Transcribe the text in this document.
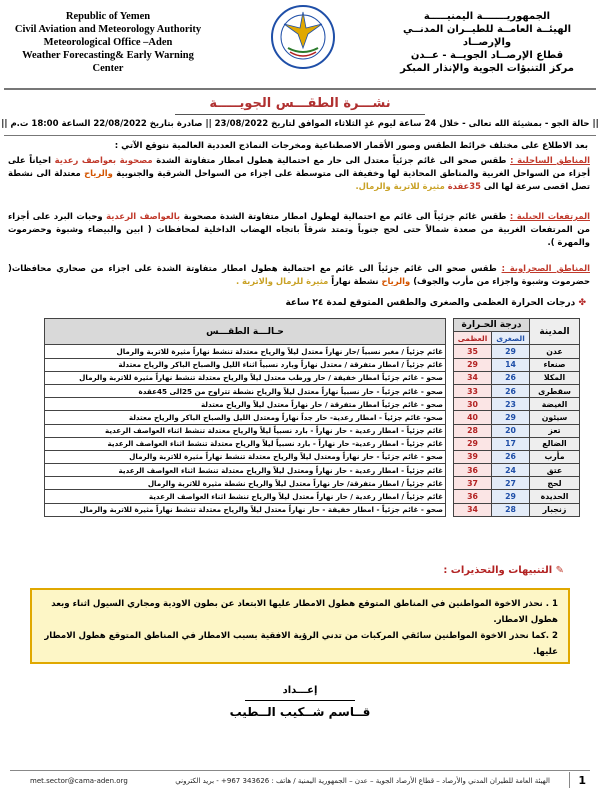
Republic of Yemen
Civil Aviation and Meteorology Authority
Meteorological Office –Aden
Weather Forecasting& Early Warning Center
الجمهوريـــــــة اليمنيـــــة
الهيئــة العامــة للطيــران المدنــي والإرصــاد
قطاع الإرصــاد الجويــة - عــدن
مركز التنبؤات الجوية والإنذار المبكر
نشـــرة الطقـــس الجويـــــة
|| حالة الجو - بمشيئة الله تعالى - خلال 24 ساعة ليوم غدٍ الثلاثاء الموافق لتاريخ 23/08/2022 || صادرة بتاريخ 22/08/2022 الساعة 18:00 ت.م ||
بعد الاطلاع على مختلف خرائط الطقس وصور الأقمار الاصطناعية ومخرجات النماذج العددية العالمية نتوقع الآتي :
المناطق الساحلية : طقس صحو الى غائم جزئياً معتدل الى حار مع احتمالية هطول امطار متفاوتة الشدة مصحوبة بعواصف رعدية احياناً على أجزاء من السواحل الغربية والمناطق المحاذية لها وخفيفة الى متوسطة على اجزاء من السواحل الشرقية والجنوبية والرياح معتدلة الى نشطة تصل اقصى سرعة لها الى 35عقدة مثيرة للاتربة والرمال.
المرتفعات الجبلية : طقس غائم جزئياً الى غائم مع احتمالية لهطول امطار متفاوتة الشدة مصحوبة بالعواصف الرعدية وحبات البرد على أجزاء من المرتفعات الغربية من صعدة شمالاً حتى لحج جنوباً وتمتد شرقاً باتجاه الهضاب الداخلية لمحافظات ( ابين والبيضاء وشبوة وحضرموت والمهرة ).
المناطق الصحراوية : طقس صحو الى غائم جزئياً الى غائم مع احتمالية هطول امطار متفاوتة الشدة على اجزاء من صحاري محافظات( حضرموت وشبوة واجزاء من مأرب والجوف) والرياح نشطة نهاراً مثيرة للرمال والاتربة .
✤ درجات الحرارة العظمى والصغرى والطقس المتوقع لمدة ٢٤ ساعة
المدينة	درجة الحـرارة			حـالـــة الطقـــس
	الصغرى	العظمى		
عدن	29	35		غائم جزئياً / مغبر نسبياً /حار نهاراً معتدل ليلاً والرياح معتدلة تنشط نهاراً مثيرة للاتربة والرمال
صنعاء	14	29		غائم جزئياً / امطار متفرقة / معتدل نهاراً وبارد نسبياً اثناء الليل والصباح الباكر والرياح معتدلة
المكلا	26	34		صحو - غائم جزئياً امطار خفيفة / حار ورطب معتدل ليلاً والرياح معتدلة تنشط نهاراً مثيرة للاتربة والرمال
سقطرى	26	33		صحو - غائم جزئياً - حار نسبياً نهاراً معتدل ليلاً والرياح نشطة تتراوح من 25الى 45عقدة
الغيضة	23	30		صحو - غائم جزئياً امطار متفرقة / حار نهاراً معتدل ليلاً والرياح معتدلة
سيئون	29	40		صحو- غائم جزئياً - امطار رعدية- حار جداً نهاراً ومعتدل الليل والصباح الباكر والرياح معتدلة
تعز	20	28		غائم جزئياً - امطار رعدية - حار نهاراً - بارد نسبياً ليلاً والرياح معتدلة تنشط اثناء العواصف الرعدية
الضالع	17	29		غائم جزئياً - امطار رعدية- حار نهاراً - بارد نسبياً ليلاً والرياح معتدلة تنشط اثناء العواصف الرعدية
مأرب	26	39		صحو - غائم جزئياً - حار نهاراً ومعتدل ليلاً والرياح معتدلة تنشط نهاراً مثيرة للاتربة والرمال
عتق	24	36		غائم جزئياً - امطار رعدية - حار نهاراً ومعتدل ليلاً والرياح معتدلة تنشط اثناء العواصف الرعدية
لحج	27	37		غائم جزئياً / امطار متفرقة/ حار نهاراً معتدل ليلاً والرياح نشطة مثيرة للاتربة والرمال
الحديدة	29	36		غائم جزئياً / امطار رعدية / حار نهاراً معتدل ليلاً والرياح تنشط اثناء العواصف الرعدية
زنجبار	28	34		صحو - غائم جزئياً - امطار خفيفة - حار نهاراً معتدل ليلاً والرياح معتدلة تنشط نهاراً مثيرة للاتربة والرمال
✎ التنبيهات والتحذيرات :
1 . نحذر الاخوة المواطنين في المناطق المتوقع هطول الامطار عليها الابتعاد عن بطون الاودية ومجاري السيول اثناء وبعد هطول الامطار.
2 .كما نحذر الاخوة المواطنين سائقي المركبات من تدني الرؤية الافقية بسبب الامطار في المناطق المتوقع هطول الامطار عليها.
إعـــداد
قــاسم شــكيب الــطيب
met.sector@cama-aden.org	الهيئة العامة للطيران المدني والأرصاد – قطاع الأرصاد الجوية – عدن – الجمهورية اليمنية / هاتف : 343626 967+ - بريد الكتروني	1
